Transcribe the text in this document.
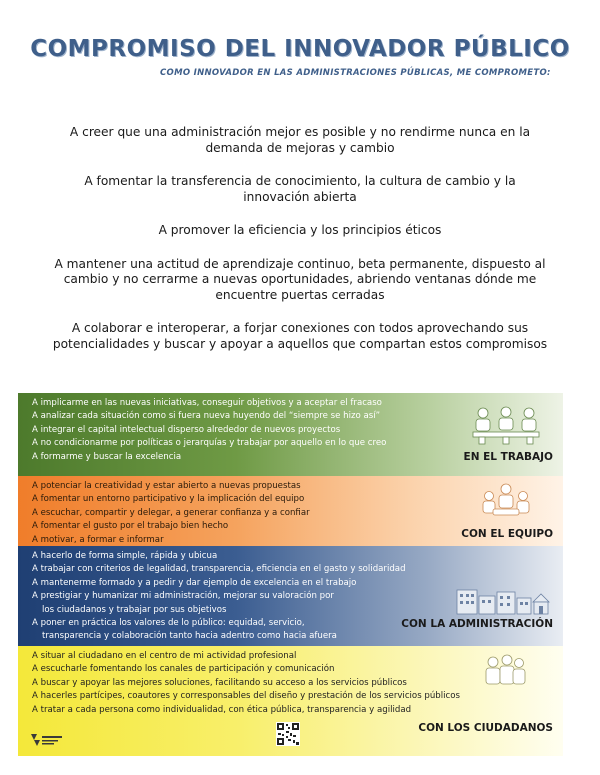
COMPROMISO DEL INNOVADOR PÚBLICO
COMO INNOVADOR EN LAS ADMINISTRACIONES PÚBLICAS, ME COMPROMETO:

A creer que una administración mejor es posible y no rendirme nunca en la demanda de mejoras y cambio

A fomentar la transferencia de conocimiento, la cultura de cambio y la innovación abierta

A promover la eficiencia y los principios éticos

A mantener una actitud de aprendizaje continuo, beta permanente, dispuesto al cambio y no cerrarme a nuevas oportunidades, abriendo ventanas dónde me encuentre puertas cerradas

A colaborar e interoperar, a forjar conexiones con todos aprovechando sus potencialidades y buscar y apoyar a aquellos que compartan estos compromisos

A implicarme en las nuevas iniciativas, conseguir objetivos y a aceptar el fracaso
A analizar cada situación como si fuera nueva huyendo del “siempre se hizo así”
A integrar el capital intelectual disperso alrededor de nuevos proyectos
A no condicionarme por políticas o jerarquías y trabajar por aquello en lo que creo
A formarme y buscar la excelencia	EN EL TRABAJO
A potenciar la creatividad y estar abierto a nuevas propuestas
A fomentar un entorno participativo y la implicación del equipo
A escuchar, compartir y delegar, a generar confianza y a confiar
A fomentar el gusto por el trabajo bien hecho
A motivar, a formar e informar	CON EL EQUIPO
A hacerlo de forma simple, rápida y ubicua
A trabajar con criterios de legalidad, transparencia, eficiencia en el gasto y solidaridad
A mantenerme formado y a pedir y dar ejemplo de excelencia en el trabajo
A prestigiar y humanizar mi administración, mejorar su valoración por
los ciudadanos y trabajar por sus objetivos
A poner en práctica los valores de lo público: equidad, servicio,
transparencia y colaboración tanto hacia adentro como hacia afuera
CON LA ADMINISTRACIÓN
A situar al ciudadano en el centro de mi actividad profesional
A escucharle fomentando los canales de participación y comunicación
A buscar y apoyar las mejores soluciones, facilitando su acceso a los servicios públicos
A hacerles partícipes, coautores y corresponsables del diseño y prestación de los servicios públicos
A tratar a cada persona como individualidad, con ética pública, transparencia y agilidad
CON LOS CIUDADANOS
